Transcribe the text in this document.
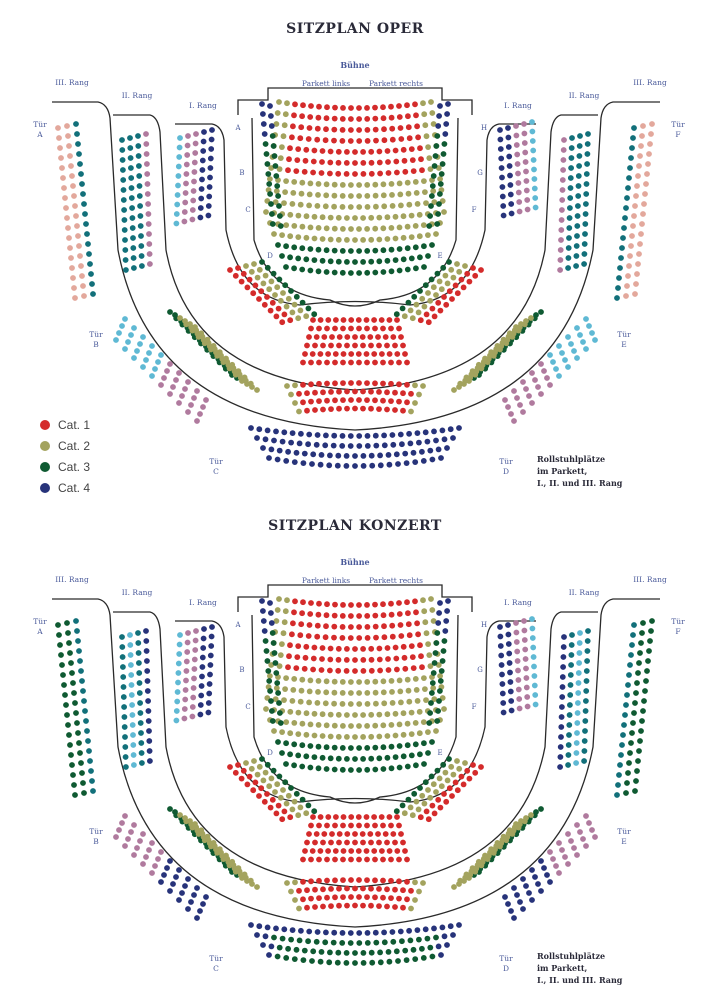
SITZPLAN OPER
Bühne
Parkett links	Parkett rechts
III. Rang
II. Rang
I. Rang	I. Rang
II. Rang
III. Rang
Tür
A
Tür
F
Tür
B
Tür
E
Tür
C
Tür
D
A
B
C
D	E
F
G
H
Rollstuhlplätze
im Parkett,
I., II. und III. Rang
SITZPLAN KONZERT
Bühne
Parkett links	Parkett rechts
III. Rang
II. Rang
I. Rang	I. Rang
II. Rang
III. Rang
Tür
A
Tür
F
Tür
B
Tür
E
Tür
C
Tür
D
A
B
C
D	E
F
G
H
Rollstuhlplätze
im Parkett,
I., II. und III. Rang
Cat. 1
Cat. 2
Cat. 3
Cat. 4
